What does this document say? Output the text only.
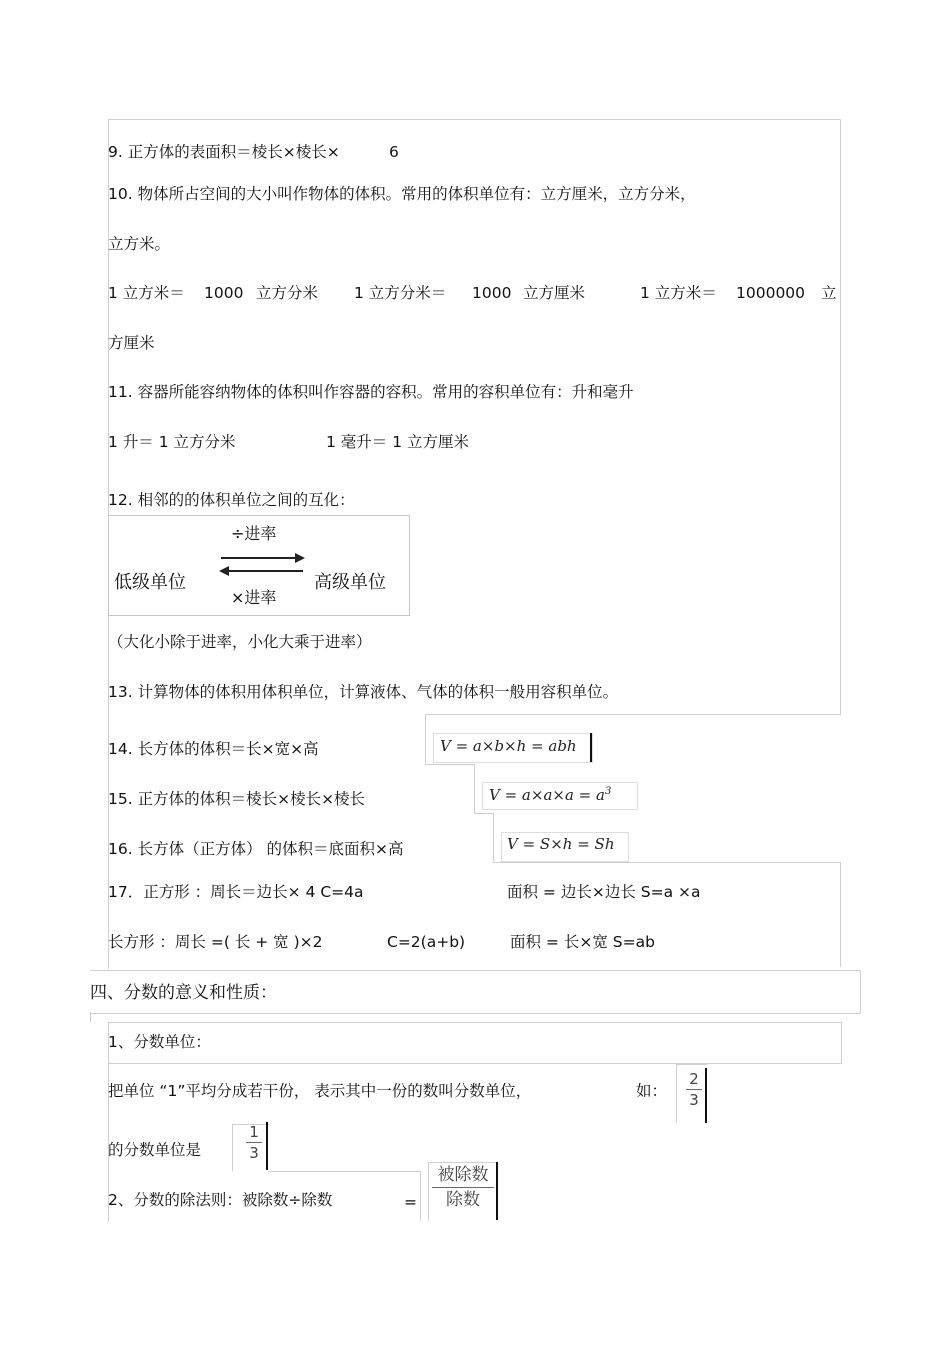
9. 正方体的表面积＝棱长×棱长×	6
10. 物体所占空间的大小叫作物体的体积。常用的体积单位有：立方厘米，立方分米，
立方米。
1 立方米＝ 1000 立方分米 1 立方分米＝ 1000 立方厘米	1 立方米＝ 1000000 立
方厘米
11. 容器所能容纳物体的体积叫作容器的容积。常用的容积单位有：升和毫升
1 升＝ 1 立方分米	1 毫升＝ 1 立方厘米
12. 相邻的的体积单位之间的互化：
÷进率
低级单位	高级单位
×进率
（大化小除于进率，小化大乘于进率）
13. 计算物体的体积用体积单位，计算液体、气体的体积一般用容积单位。
14. 长方体的体积＝长×宽×高	V = a×b×h = abh
15. 正方体的体积＝棱长×棱长×棱长	$V = a\times a\times a = a^3$
16. 长方体（正方体） 的体积＝底面积×高	V = S×h = Sh
17．正方形 ：周长＝边长× 4 C=4a	面积 = 边长×边长 S=a ×a
长方形 ：周长 =( 长 + 宽 )×2	C=2(a+b)	面积 = 长×宽 S=ab
四、分数的意义和性质：
1、分数单位：
把单位 “1”平均分成若干份， 表示其中一份的数叫分数单位，	如：
2
3
的分数单位是
1
3
2、分数的除法则：被除数÷除数	=
被除数
除数
